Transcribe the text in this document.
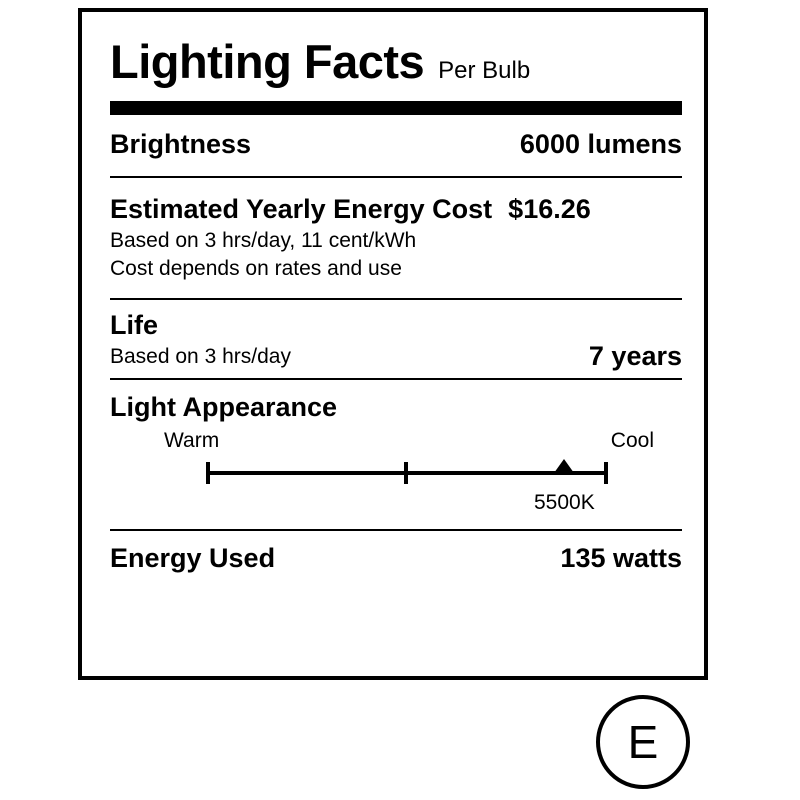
Lighting Facts Per Bulb
Brightness	6000 lumens
Estimated Yearly Energy Cost $16.26
Based on 3 hrs/day, 11 cent/kWh
Cost depends on rates and use
Life
Based on 3 hrs/day	7 years
Light Appearance
Warm	Cool
5500K
Energy Used	135 watts
E
